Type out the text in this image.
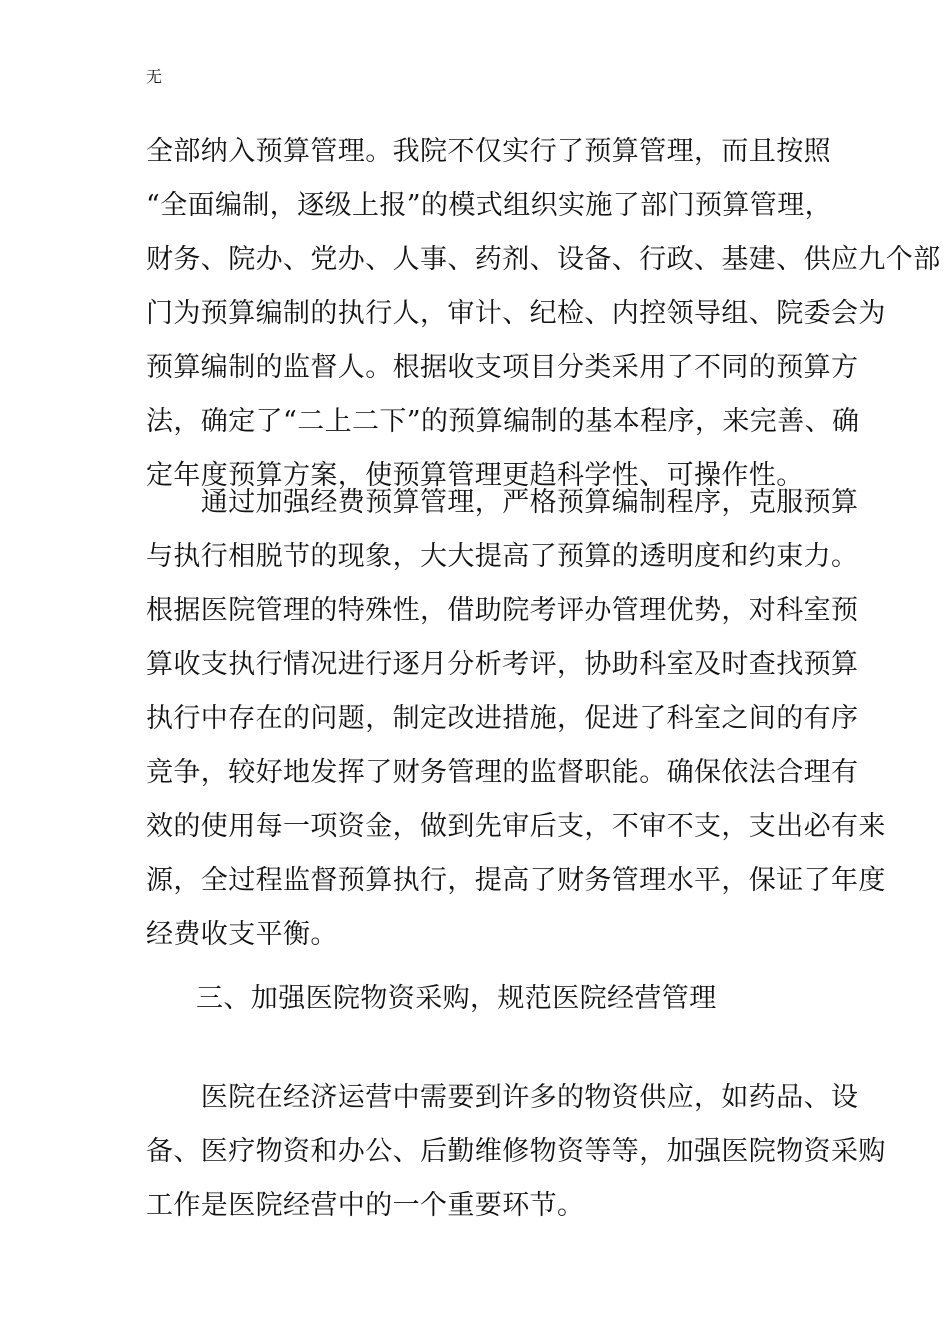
无

全部纳入预算管理。我院不仅实行了预算管理，而且按照
“全面编制，逐级上报”的模式组织实施了部门预算管理，
财务、院办、党办、人事、药剂、设备、行政、基建、供应九个部
门为预算编制的执行人，审计、纪检、内控领导组、院委会为
预算编制的监督人。根据收支项目分类采用了不同的预算方
法，确定了“二上二下”的预算编制的基本程序，来完善、确
定年度预算方案，使预算管理更趋科学性、可操作性。

　　通过加强经费预算管理，严格预算编制程序，克服预算
与执行相脱节的现象，大大提高了预算的透明度和约束力。
根据医院管理的特殊性，借助院考评办管理优势，对科室预
算收支执行情况进行逐月分析考评，协助科室及时查找预算
执行中存在的问题，制定改进措施，促进了科室之间的有序
竞争，较好地发挥了财务管理的监督职能。确保依法合理有
效的使用每一项资金，做到先审后支，不审不支，支出必有来
源，全过程监督预算执行，提高了财务管理水平，保证了年度
经费收支平衡。

三、加强医院物资采购，规范医院经营管理

　　医院在经济运营中需要到许多的物资供应，如药品、设
备、医疗物资和办公、后勤维修物资等等，加强医院物资采购
工作是医院经营中的一个重要环节。
